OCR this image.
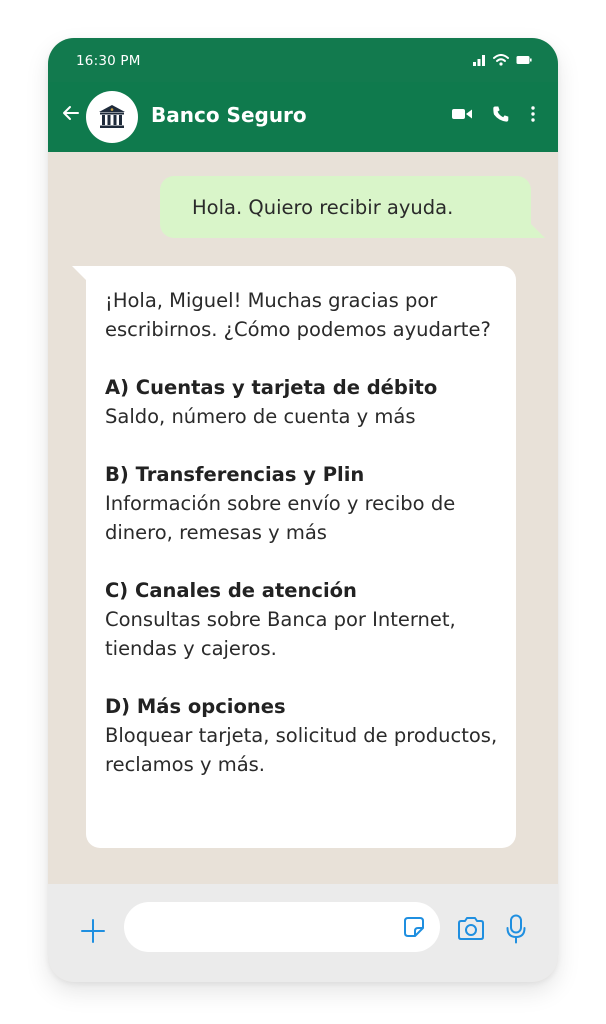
16:30 PM
Banco Seguro
Hola. Quiero recibir ayuda.

¡Hola, Miguel! Muchas gracias por escribirnos. ¿Cómo podemos ayudarte?

A) Cuentas y tarjeta de débito
Saldo, número de cuenta y más
B) Transferencias y Plin
Información sobre envío y recibo de dinero, remesas y más
C) Canales de atención
Consultas sobre Banca por Internet, tiendas y cajeros.
D) Más opciones
Bloquear tarjeta, solicitud de productos, reclamos y más.
